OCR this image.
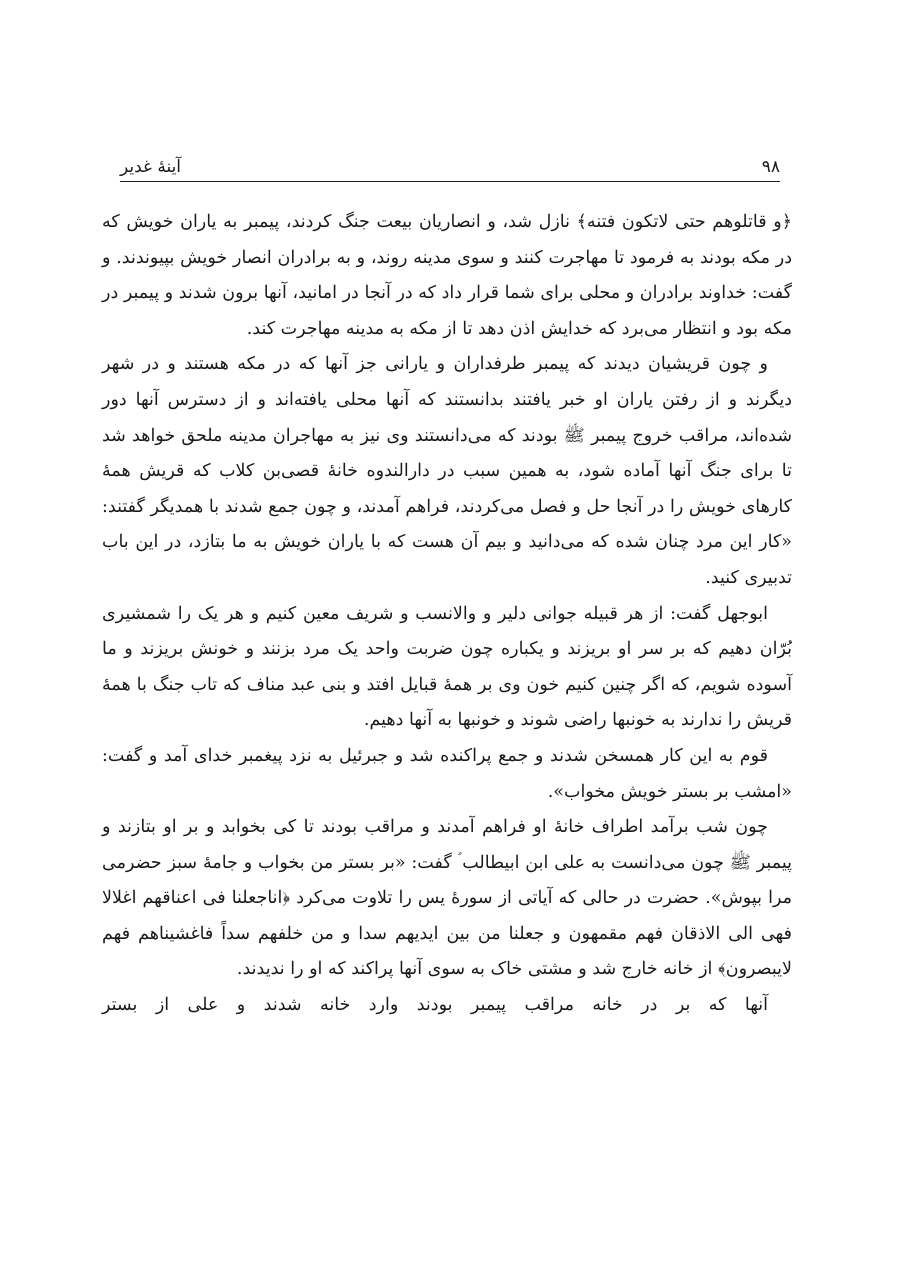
۹۸
آینهٔ غدیر

﴿و قاتلوهم حتی لاتکون فتنه﴾ نازل شد، و انصاریان بیعت جنگ کردند، پیمبر به یاران خویش که در مکه بودند به فرمود تا مهاجرت کنند و سوی مدینه روند، و به برادران انصار خویش بپیوندند. و گفت: خداوند برادران و محلی برای شما قرار داد که در آنجا در امانید، آنها برون شدند و پیمبر در مکه بود و انتظار می‌برد که خدایش اذن دهد تا از مکه به مدینه مهاجرت کند.

و چون قریشیان دیدند که پیمبر طرفداران و یارانی جز آنها که در مکه هستند و در شهر دیگرند و از رفتن یاران او خبر یافتند بدانستند که آنها محلی یافته‌اند و از دسترس آنها دور شده‌اند، مراقب خروج پیمبر ﷺ بودند که می‌دانستند وی نیز به مهاجران مدینه ملحق خواهد شد تا برای جنگ آنها آماده شود، به همین سبب در دارالندوه خانهٔ قصی‌بن کلاب که قریش همهٔ کارهای خویش را در آنجا حل و فصل می‌کردند، فراهم آمدند، و چون جمع شدند با همدیگر گفتند: «کار این مرد چنان شده که می‌دانید و بیم آن هست که با یاران خویش به ما بتازد، در این باب تدبیری کنید.

ابوجهل گفت: از هر قبیله جوانی دلیر و والانسب و شریف معین کنیم و هر یک را شمشیری بُرّان دهیم که بر سر او بریزند و یکباره چون ضربت واحد یک مرد بزنند و خونش بریزند و ما آسوده شویم، که اگر چنین کنیم خون وی بر همهٔ قبایل افتد و بنی عبد مناف که تاب جنگ با همهٔ قریش را ندارند به خونبها راضی شوند و خونبها به آنها دهیم.

قوم به این کار همسخن شدند و جمع پراکنده شد و جبرئیل به نزد پیغمبر خدای آمد و گفت: «امشب بر بستر خویش مخواب».

چون شب برآمد اطراف خانهٔ او فراهم آمدند و مراقب بودند تا کی بخوابد و بر او بتازند و پیمبر ﷺ چون می‌دانست به علی ابن ابیطالب ؑ گفت: «بر بستر من بخواب و جامهٔ سبز حضرمی مرا بپوش». حضرت در حالی که آیاتی از سورهٔ یس را تلاوت می‌کرد ﴿اناجعلنا فی اعناقهم اغلالا فهی الی الاذقان فهم مقمهون و جعلنا من بین ایدیهم سدا و من خلفهم سداً فاغشیناهم فهم لایبصرون﴾ از خانه خارج شد و مشتی خاک به سوی آنها پراکند که او را ندیدند.

آنها که بر در خانه مراقب پیمبر بودند وارد خانه شدند و علی از بستر
